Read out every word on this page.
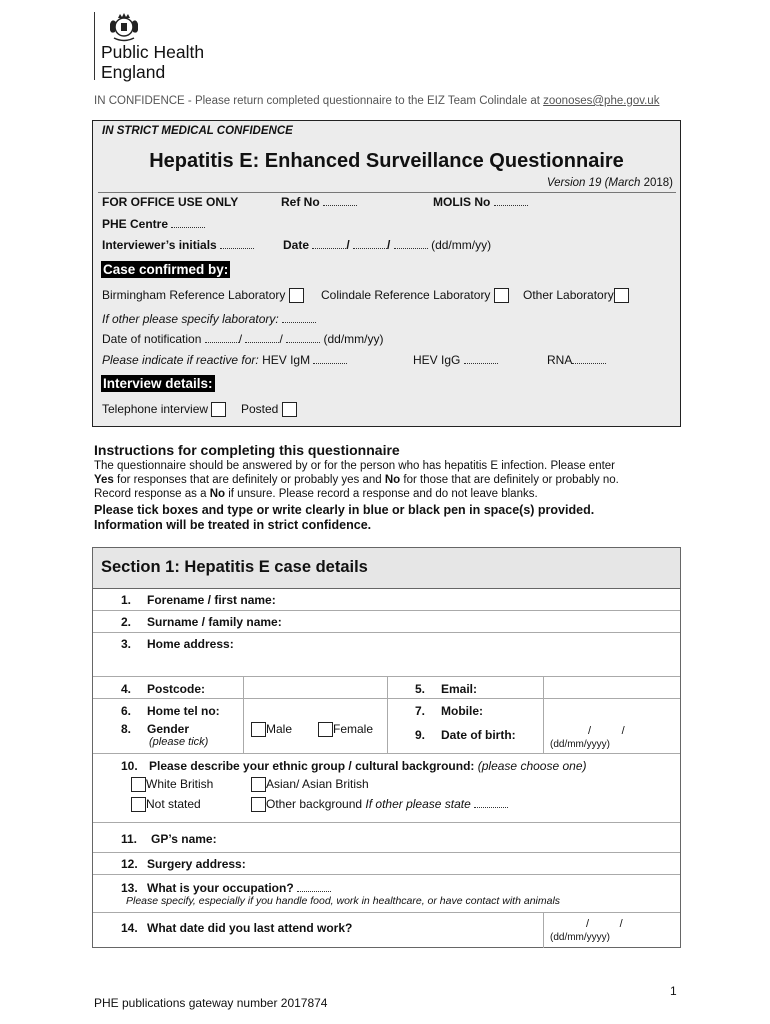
Public Health
England
IN CONFIDENCE - Please return completed questionnaire to the EIZ Team Colindale at zoonoses@phe.gov.uk
IN STRICT MEDICAL CONFIDENCE
Hepatitis E: Enhanced Surveillance Questionnaire
Version 19 (March 2018)
FOR OFFICE USE ONLY	Ref No	MOLIS No
PHE Centre
Interviewer’s initials	Date	/	/	(dd/mm/yy)
Case confirmed by:
Birmingham Reference Laboratory	Colindale Reference Laboratory	Other Laboratory
If other please specify laboratory:
Date of notification	/	/	(dd/mm/yy)
Please indicate if reactive for: HEV IgM	HEV IgG	RNA
Interview details:
Telephone interview	Posted
Instructions for completing this questionnaire
The questionnaire should be answered by or for the person who has hepatitis E infection. Please enter
Yes for responses that are definitely or probably yes and No for those that are definitely or probably no.
Record response as a No if unsure. Please record a response and do not leave blanks.
Please tick boxes and type or write clearly in blue or black pen in space(s) provided.
Information will be treated in strict confidence.
Section 1: Hepatitis E case details
1. Forename / first name:
2. Surname / family name:
3. Home address:
4. Postcode:	5. Email:
6. Home tel no:	7. Mobile:
8. Gender
(please tick)
Male	Female	9. Date of birth:	/          /
(dd/mm/yyyy)
10. Please describe your ethnic group / cultural background: (please choose one)
White British	Asian/ Asian British
Not stated	Other background If other please state
11. GP’s name:
12. Surgery address:
13. What is your occupation?
Please specify, especially if you handle food, work in healthcare, or have contact with animals
14. What date did you last attend work?	/          /
(dd/mm/yyyy)
PHE publications gateway number 2017874
1
